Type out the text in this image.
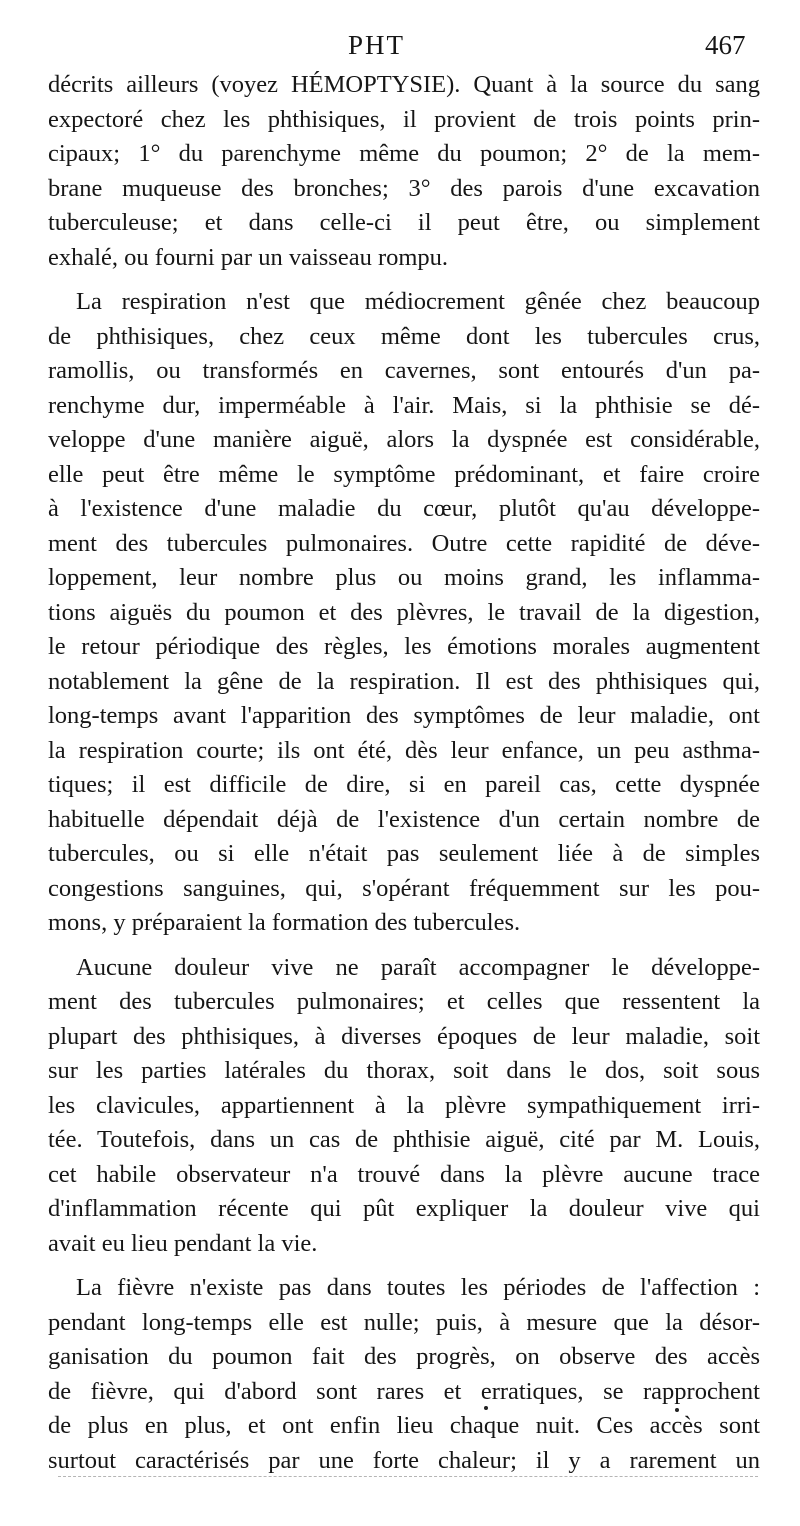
PHT	467
décrits ailleurs (voyez HÉMOPTYSIE). Quant à la source du sang
expectoré chez les phthisiques, il provient de trois points prin-
cipaux; 1° du parenchyme même du poumon; 2° de la mem-
brane muqueuse des bronches; 3° des parois d'une excavation
tuberculeuse; et dans celle-ci il peut être, ou simplement
exhalé, ou fourni par un vaisseau rompu.
La respiration n'est que médiocrement gênée chez beaucoup
de phthisiques, chez ceux même dont les tubercules crus,
ramollis, ou transformés en cavernes, sont entourés d'un pa-
renchyme dur, imperméable à l'air. Mais, si la phthisie se dé-
veloppe d'une manière aiguë, alors la dyspnée est considérable,
elle peut être même le symptôme prédominant, et faire croire
à l'existence d'une maladie du cœur, plutôt qu'au développe-
ment des tubercules pulmonaires. Outre cette rapidité de déve-
loppement, leur nombre plus ou moins grand, les inflamma-
tions aiguës du poumon et des plèvres, le travail de la digestion,
le retour périodique des règles, les émotions morales augmentent
notablement la gêne de la respiration. Il est des phthisiques qui,
long-temps avant l'apparition des symptômes de leur maladie, ont
la respiration courte; ils ont été, dès leur enfance, un peu asthma-
tiques; il est difficile de dire, si en pareil cas, cette dyspnée
habituelle dépendait déjà de l'existence d'un certain nombre de
tubercules, ou si elle n'était pas seulement liée à de simples
congestions sanguines, qui, s'opérant fréquemment sur les pou-
mons, y préparaient la formation des tubercules.
Aucune douleur vive ne paraît accompagner le développe-
ment des tubercules pulmonaires; et celles que ressentent la
plupart des phthisiques, à diverses époques de leur maladie, soit
sur les parties latérales du thorax, soit dans le dos, soit sous
les clavicules, appartiennent à la plèvre sympathiquement irri-
tée. Toutefois, dans un cas de phthisie aiguë, cité par M. Louis,
cet habile observateur n'a trouvé dans la plèvre aucune trace
d'inflammation récente qui pût expliquer la douleur vive qui
avait eu lieu pendant la vie.
La fièvre n'existe pas dans toutes les périodes de l'affection :
pendant long-temps elle est nulle; puis, à mesure que la désor-
ganisation du poumon fait des progrès, on observe des accès
de fièvre, qui d'abord sont rares et erratiques, se rapprochent
de plus en plus, et ont enfin lieu chaque nuit. Ces accès sont
surtout caractérisés par une forte chaleur; il y a rarement un
